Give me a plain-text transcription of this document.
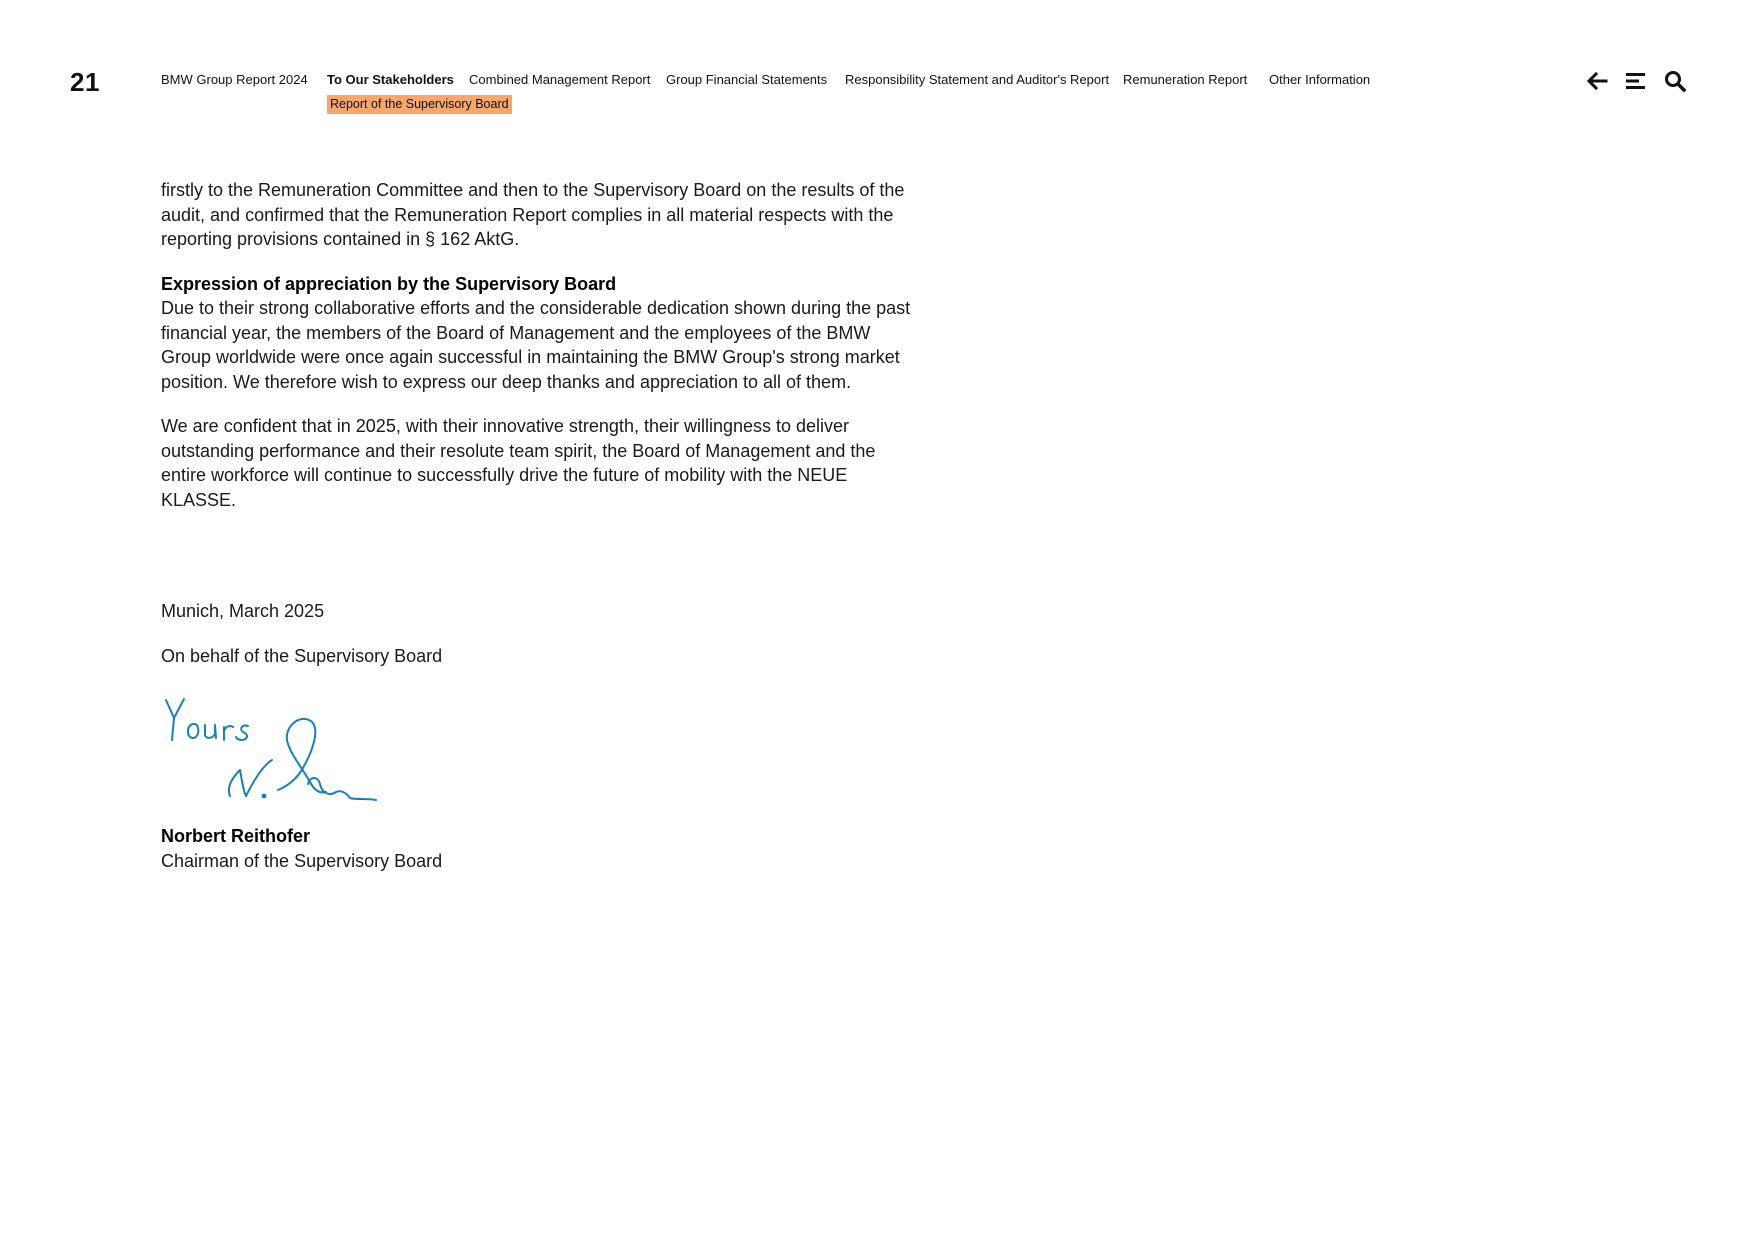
21	BMW Group Report 2024 To Our Stakeholders Combined Management Report Group Financial Statements Responsibility Statement and Auditor's Report Remuneration Report Other Information
Report of the Supervisory Board

firstly to the Remuneration Committee and then to the Supervisory Board on the results of the audit, and confirmed that the Remuneration Report complies in all material respects with the reporting provisions contained in § 162 AktG.

Expression of appreciation by the Supervisory Board

Due to their strong collaborative efforts and the considerable dedication shown during the past financial year, the members of the Board of Management and the employees of the BMW Group worldwide were once again successful in maintaining the BMW Group's strong market position. We therefore wish to express our deep thanks and appreciation to all of them.

We are confident that in 2025, with their innovative strength, their willingness to deliver outstanding performance and their resolute team spirit, the Board of Management and the entire workforce will continue to successfully drive the future of mobility with the NEUE KLASSE.

Munich, March 2025
On behalf of the Supervisory Board
Norbert Reithofer
Chairman of the Supervisory Board
